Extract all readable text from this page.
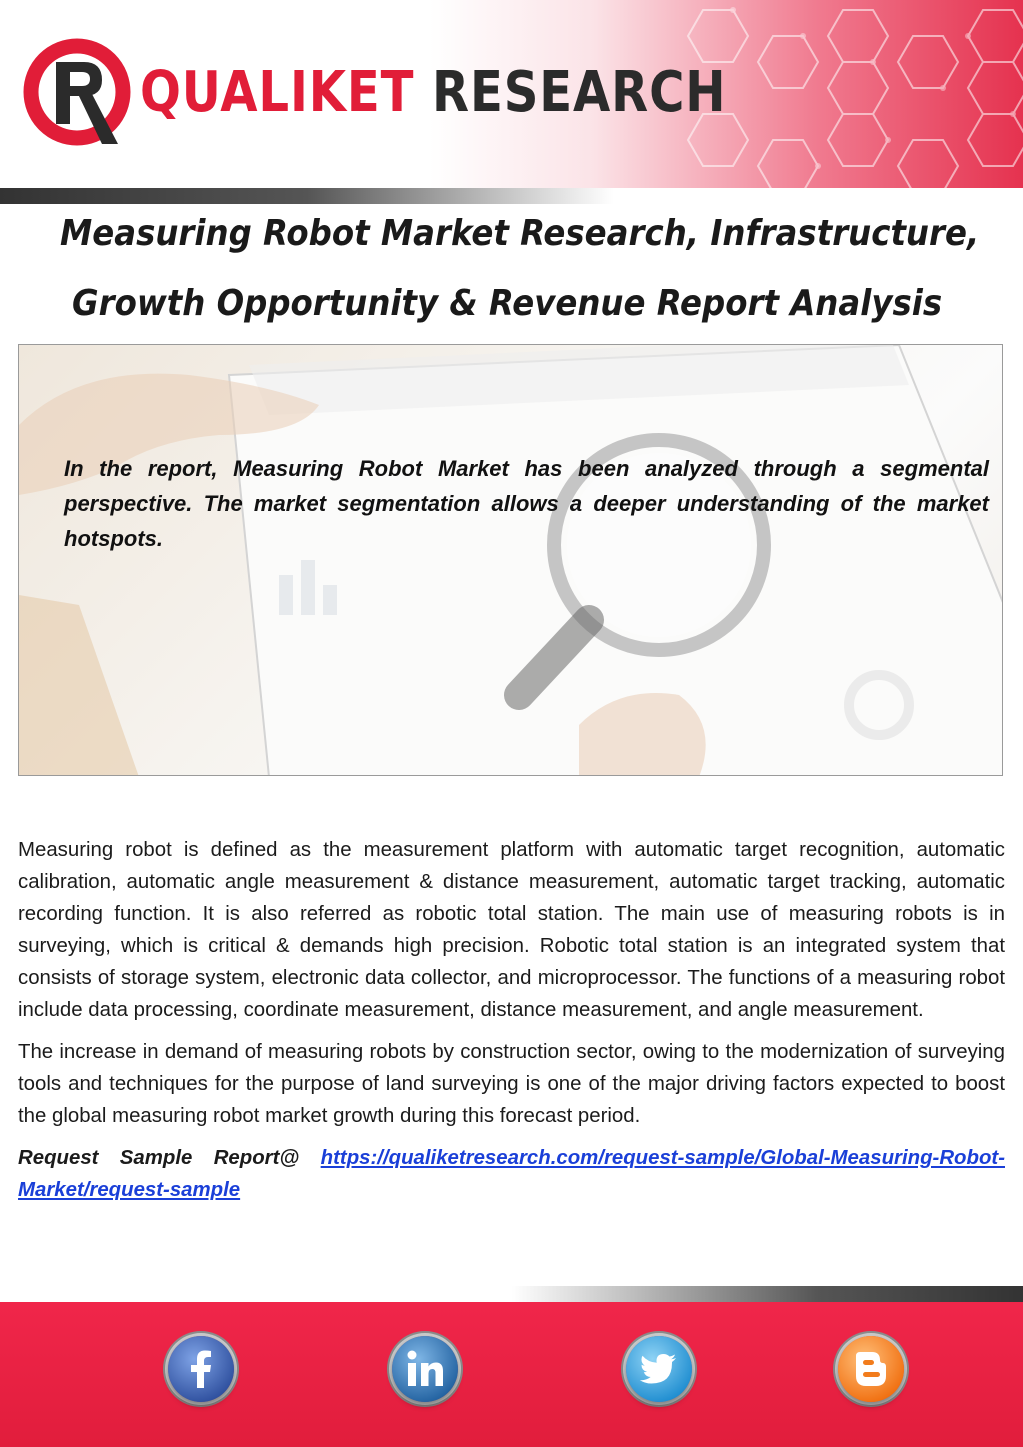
QUALIKET RESEARCH
Measuring Robot Market Research, Infrastructure,
Growth Opportunity & Revenue Report Analysis
In the report, Measuring Robot Market has been analyzed through a segmental perspective. The market segmentation allows a deeper understanding of the market hotspots.

Measuring robot is defined as the measurement platform with automatic target recognition, automatic calibration, automatic angle measurement & distance measurement, automatic target tracking, automatic recording function. It is also referred as robotic total station. The main use of measuring robots is in surveying, which is critical & demands high precision. Robotic total station is an integrated system that consists of storage system, electronic data collector, and microprocessor. The functions of a measuring robot include data processing, coordinate measurement, distance measurement, and angle measurement.

The increase in demand of measuring robots by construction sector, owing to the modernization of surveying tools and techniques for the purpose of land surveying is one of the major driving factors expected to boost the global measuring robot market growth during this forecast period.

Request Sample Report@ https://qualiketresearch.com/request-sample/Global-Measuring-Robot-Market/request-sample
